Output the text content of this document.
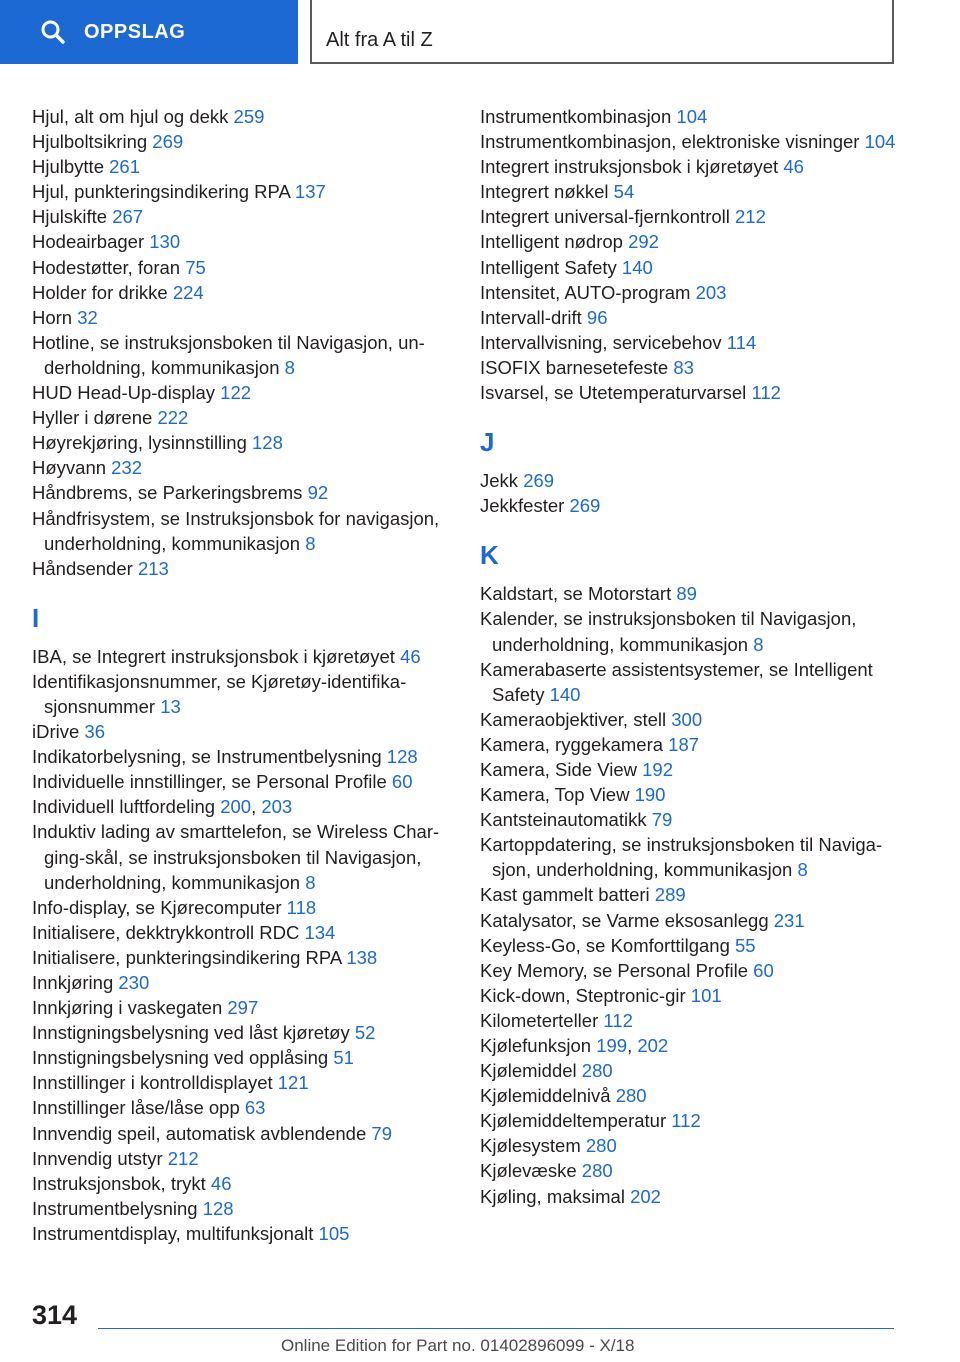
OPPSLAG	Alt fra A til Z
Hjul, alt om hjul og dekk 259
Hjulboltsikring 269
Hjulbytte 261
Hjul, punkteringsindikering RPA 137
Hjulskifte 267
Hodeairbager 130
Hodestøtter, foran 75
Holder for drikke 224
Horn 32
Hotline, se instruksjonsboken til Navigasjon, underholdning, kommunikasjon 8
HUD Head-Up-display 122
Hyller i dørene 222
Høyrekjøring, lysinnstilling 128
Høyvann 232
Håndbrems, se Parkeringsbrems 92
Håndfrisystem, se Instruksjonsbok for navigasjon, underholdning, kommunikasjon 8
Håndsender 213
I
IBA, se Integrert instruksjonsbok i kjøretøyet 46
Identifikasjonsnummer, se Kjøretøy-identifikasjonsnummer 13
iDrive 36
Indikatorbelysning, se Instrumentbelysning 128
Individuelle innstillinger, se Personal Profile 60
Individuell luftfordeling 200, 203
Induktiv lading av smarttelefon, se Wireless Charging-skål, se instruksjonsboken til Navigasjon, underholdning, kommunikasjon 8
Info-display, se Kjørecomputer 118
Initialisere, dekktrykkontroll RDC 134
Initialisere, punkteringsindikering RPA 138
Innkjøring 230
Innkjøring i vaskegaten 297
Innstigningsbelysning ved låst kjøretøy 52
Innstigningsbelysning ved opplåsing 51
Innstillinger i kontrolldisplayet 121
Innstillinger låse/låse opp 63
Innvendig speil, automatisk avblendende 79
Innvendig utstyr 212
Instruksjonsbok, trykt 46
Instrumentbelysning 128
Instrumentdisplay, multifunksjonalt 105
Instrumentkombinasjon 104
Instrumentkombinasjon, elektroniske visninger 104
Integrert instruksjonsbok i kjøretøyet 46
Integrert nøkkel 54
Integrert universal-fjernkontroll 212
Intelligent nødrop 292
Intelligent Safety 140
Intensitet, AUTO-program 203
Intervall-drift 96
Intervallvisning, servicebehov 114
ISOFIX barnesetefeste 83
Isvarsel, se Utetemperaturvarsel 112
J
Jekk 269
Jekkfester 269
K
Kaldstart, se Motorstart 89
Kalender, se instruksjonsboken til Navigasjon, underholdning, kommunikasjon 8
Kamerabaserte assistentsystemer, se Intelligent Safety 140
Kameraobjektiver, stell 300
Kamera, ryggekamera 187
Kamera, Side View 192
Kamera, Top View 190
Kantsteinautomatikk 79
Kartoppdatering, se instruksjonsboken til Navigasjon, underholdning, kommunikasjon 8
Kast gammelt batteri 289
Katalysator, se Varme eksosanlegg 231
Keyless-Go, se Komforttilgang 55
Key Memory, se Personal Profile 60
Kick-down, Steptronic-gir 101
Kilometerteller 112
Kjølefunksjon 199, 202
Kjølemiddel 280
Kjølemiddelnivå 280
Kjølemiddeltemperatur 112
Kjølesystem 280
Kjølevæske 280
Kjøling, maksimal 202
314
Online Edition for Part no. 01402896099 - X/18
